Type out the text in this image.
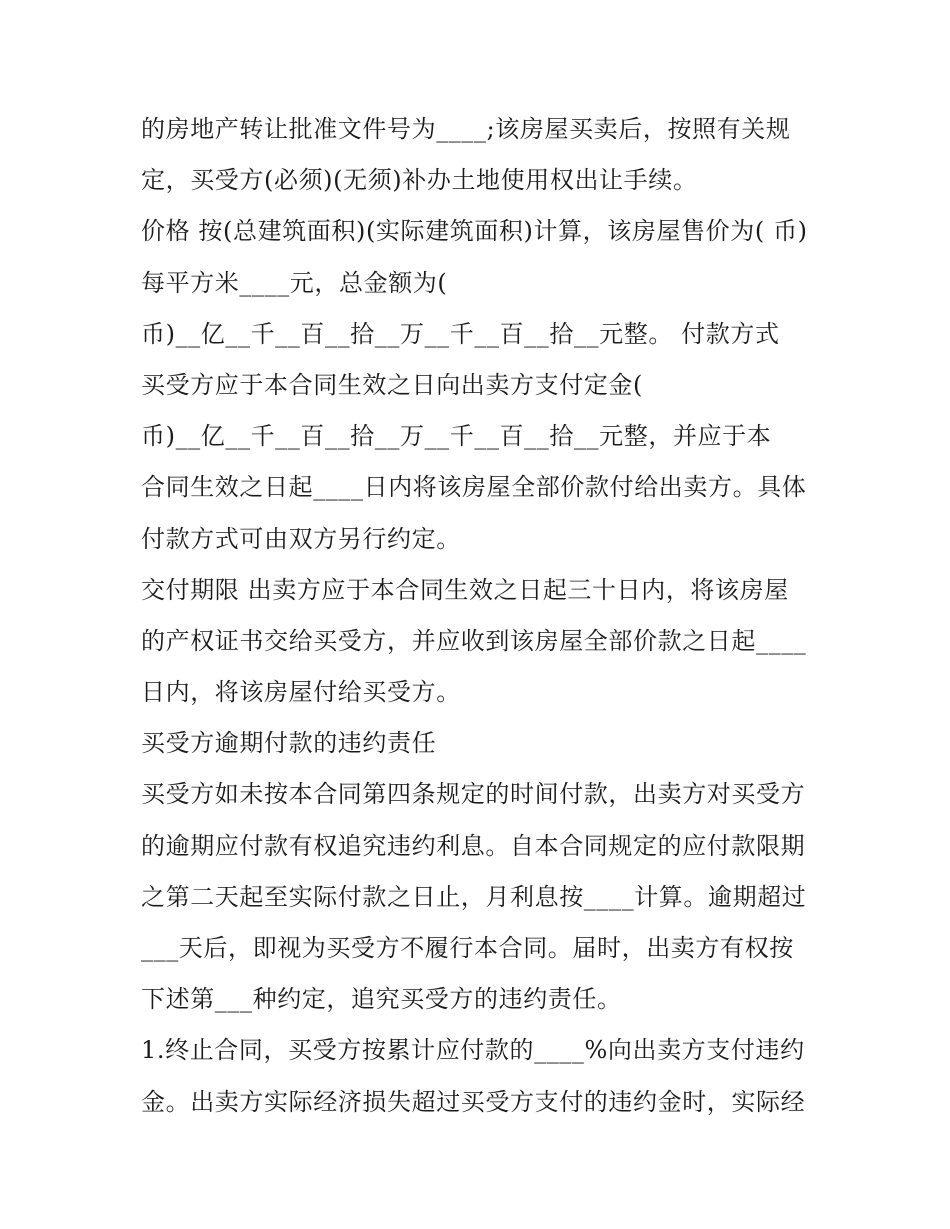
的房地产转让批准文件号为____;该房屋买卖后，按照有关规
定，买受方(必须)(无须)补办土地使用权出让手续。
价格 按(总建筑面积)(实际建筑面积)计算，该房屋售价为( 币)
每平方米____元，总金额为(
币)__亿__千__百__拾__万__千__百__拾__元整。 付款方式
买受方应于本合同生效之日向出卖方支付定金(
币)__亿__千__百__拾__万__千__百__拾__元整，并应于本
合同生效之日起____日内将该房屋全部价款付给出卖方。具体
付款方式可由双方另行约定。
交付期限 出卖方应于本合同生效之日起三十日内，将该房屋
的产权证书交给买受方，并应收到该房屋全部价款之日起____
日内，将该房屋付给买受方。
买受方逾期付款的违约责任
买受方如未按本合同第四条规定的时间付款，出卖方对买受方
的逾期应付款有权追究违约利息。自本合同规定的应付款限期
之第二天起至实际付款之日止，月利息按____计算。逾期超过
___天后，即视为买受方不履行本合同。届时，出卖方有权按
下述第___种约定，追究买受方的违约责任。
1.终止合同，买受方按累计应付款的____%向出卖方支付违约
金。出卖方实际经济损失超过买受方支付的违约金时，实际经
